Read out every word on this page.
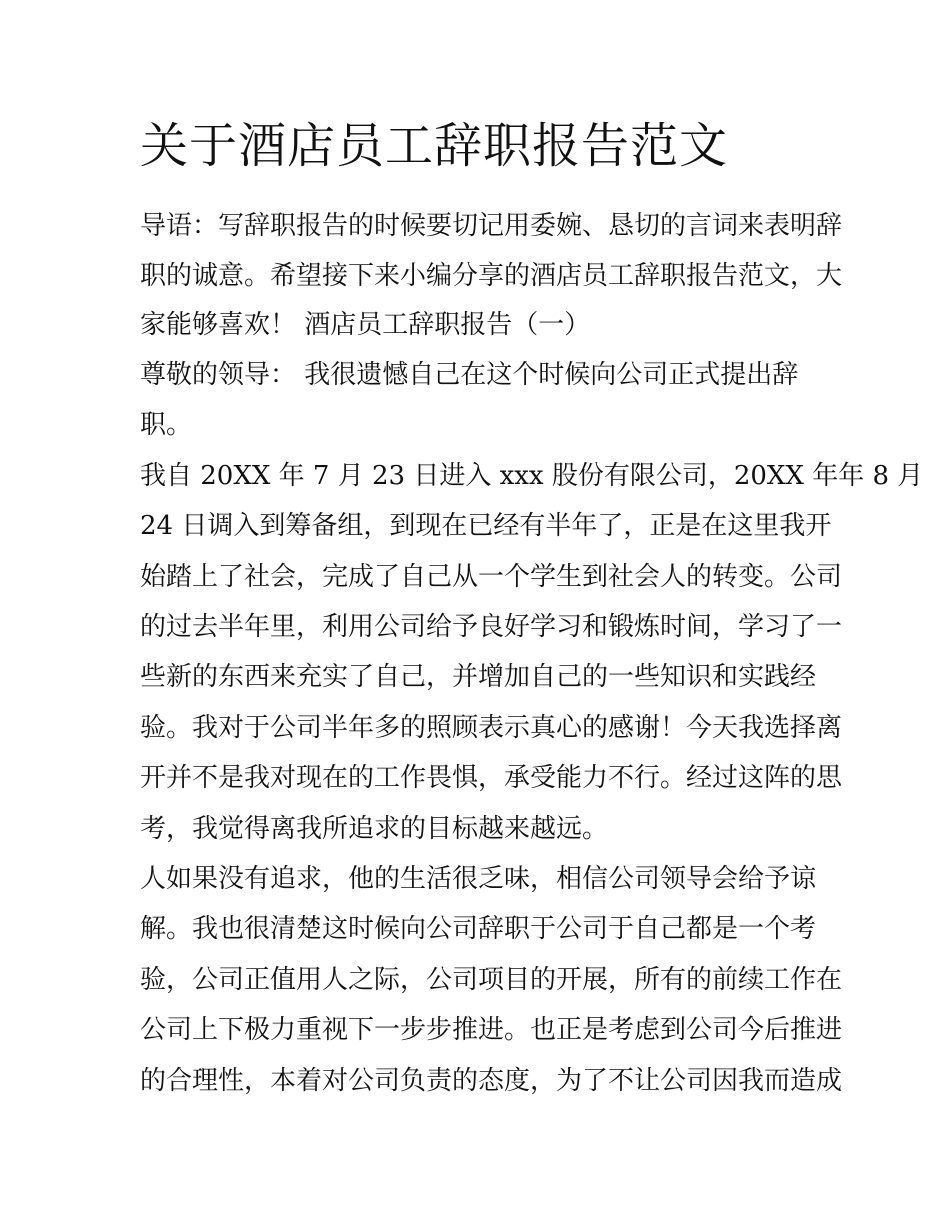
关于酒店员工辞职报告范文

导语：写辞职报告的时候要切记用委婉、恳切的言词来表明辞

职的诚意。希望接下来小编分享的酒店员工辞职报告范文，大

家能够喜欢！ 酒店员工辞职报告（一）

尊敬的领导： 我很遗憾自己在这个时候向公司正式提出辞

职。

我自 20XX 年 7 月 23 日进入 xxx 股份有限公司，20XX 年年 8 月

24 日调入到筹备组，到现在已经有半年了，正是在这里我开

始踏上了社会，完成了自己从一个学生到社会人的转变。公司

的过去半年里，利用公司给予良好学习和锻炼时间，学习了一

些新的东西来充实了自己，并增加自己的一些知识和实践经

验。我对于公司半年多的照顾表示真心的感谢！今天我选择离

开并不是我对现在的工作畏惧，承受能力不行。经过这阵的思

考，我觉得离我所追求的目标越来越远。

人如果没有追求，他的生活很乏味，相信公司领导会给予谅

解。我也很清楚这时候向公司辞职于公司于自己都是一个考

验，公司正值用人之际，公司项目的开展，所有的前续工作在

公司上下极力重视下一步步推进。也正是考虑到公司今后推进

的合理性，本着对公司负责的态度，为了不让公司因我而造成
